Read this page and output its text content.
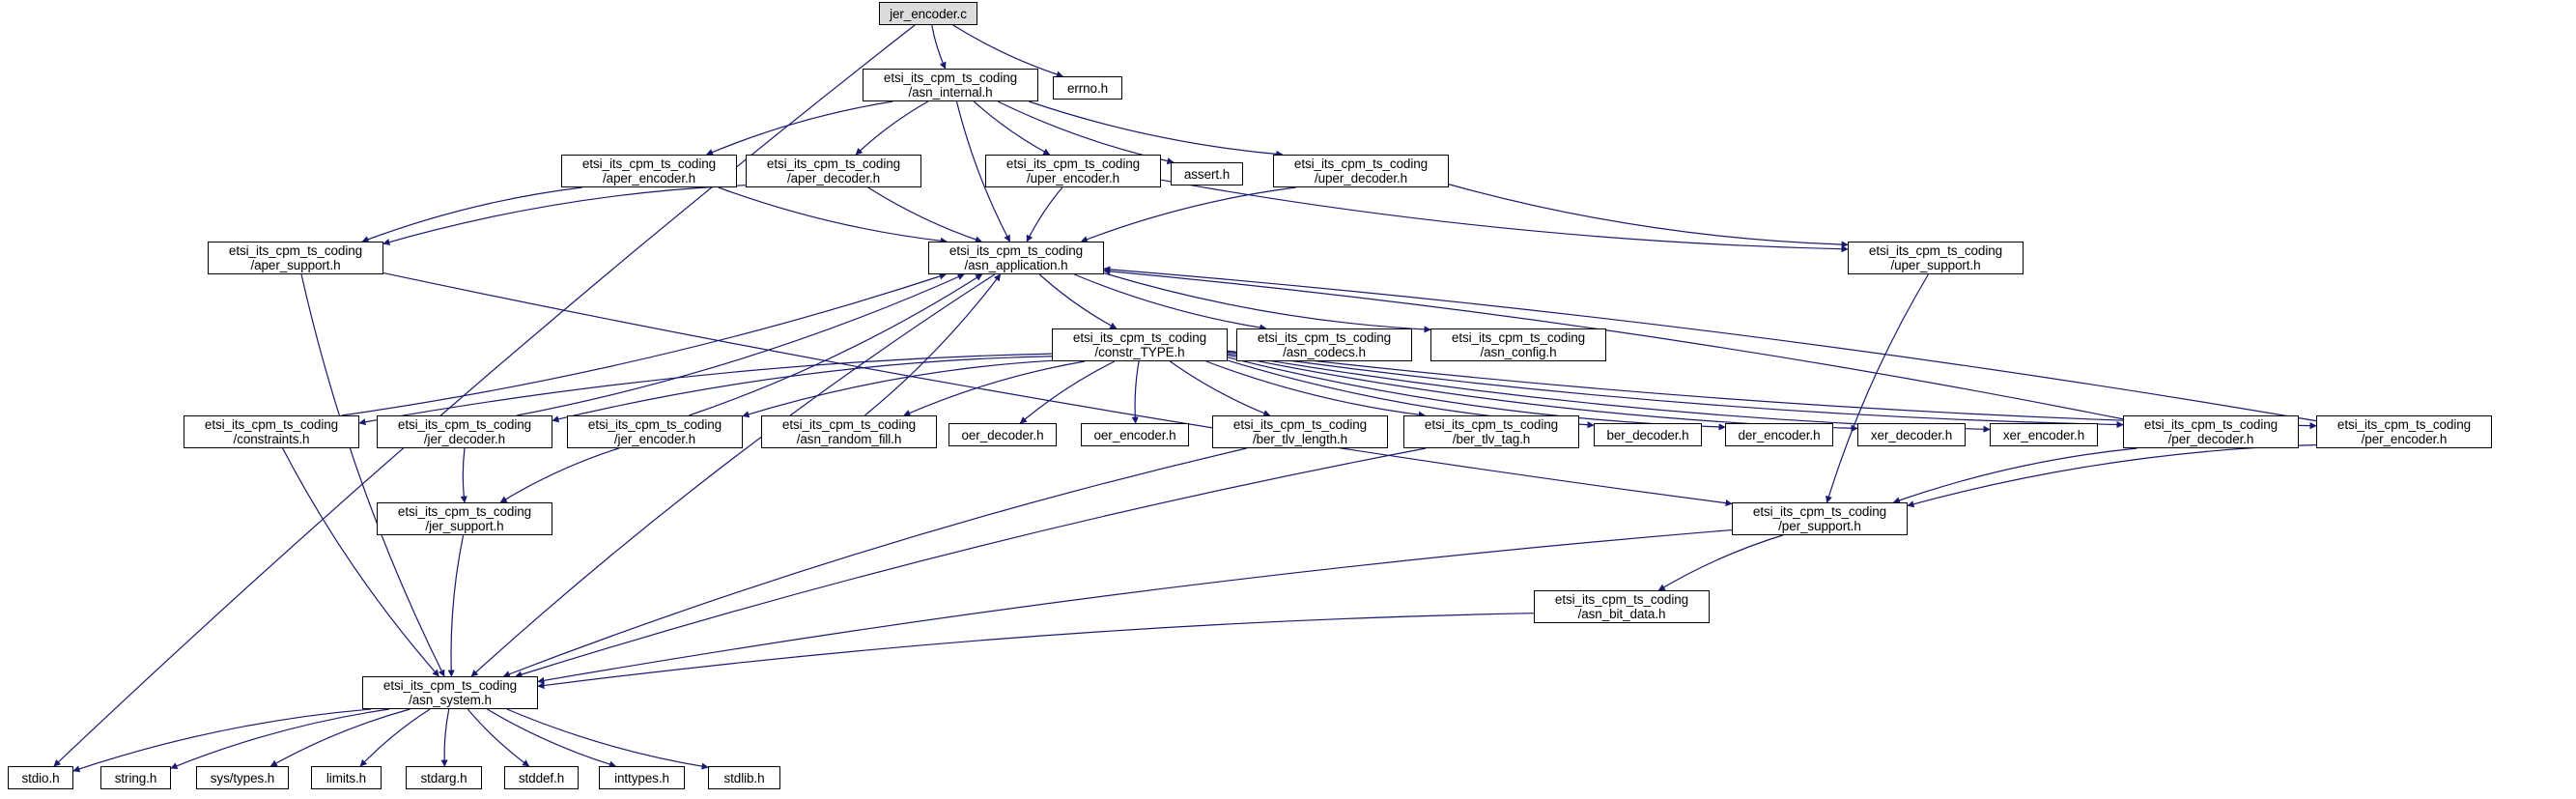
jer_encoder.c
etsi_its_cpm_ts_coding
/asn_internal.h	errno.h
etsi_its_cpm_ts_coding
/aper_encoder.h
etsi_its_cpm_ts_coding
/aper_decoder.h
etsi_its_cpm_ts_coding
/uper_encoder.h	assert.h
etsi_its_cpm_ts_coding
/uper_decoder.h
etsi_its_cpm_ts_coding
/aper_support.h
etsi_its_cpm_ts_coding
/asn_application.h
etsi_its_cpm_ts_coding
/uper_support.h
etsi_its_cpm_ts_coding
/constr_TYPE.h
etsi_its_cpm_ts_coding
/asn_codecs.h
etsi_its_cpm_ts_coding
/asn_config.h
etsi_its_cpm_ts_coding
/constraints.h
etsi_its_cpm_ts_coding
/jer_decoder.h
etsi_its_cpm_ts_coding
/jer_encoder.h
etsi_its_cpm_ts_coding
/asn_random_fill.h	oer_decoder.h	oer_encoder.h
etsi_its_cpm_ts_coding
/ber_tlv_length.h
etsi_its_cpm_ts_coding
/ber_tlv_tag.h	ber_decoder.h	der_encoder.h	xer_decoder.h	xer_encoder.h
etsi_its_cpm_ts_coding
/per_decoder.h
etsi_its_cpm_ts_coding
/per_encoder.h
etsi_its_cpm_ts_coding
/jer_support.h
etsi_its_cpm_ts_coding
/per_support.h
etsi_its_cpm_ts_coding
/asn_bit_data.h
etsi_its_cpm_ts_coding
/asn_system.h
stdio.h	string.h	sys/types.h	limits.h	stdarg.h	stddef.h	inttypes.h	stdlib.h
